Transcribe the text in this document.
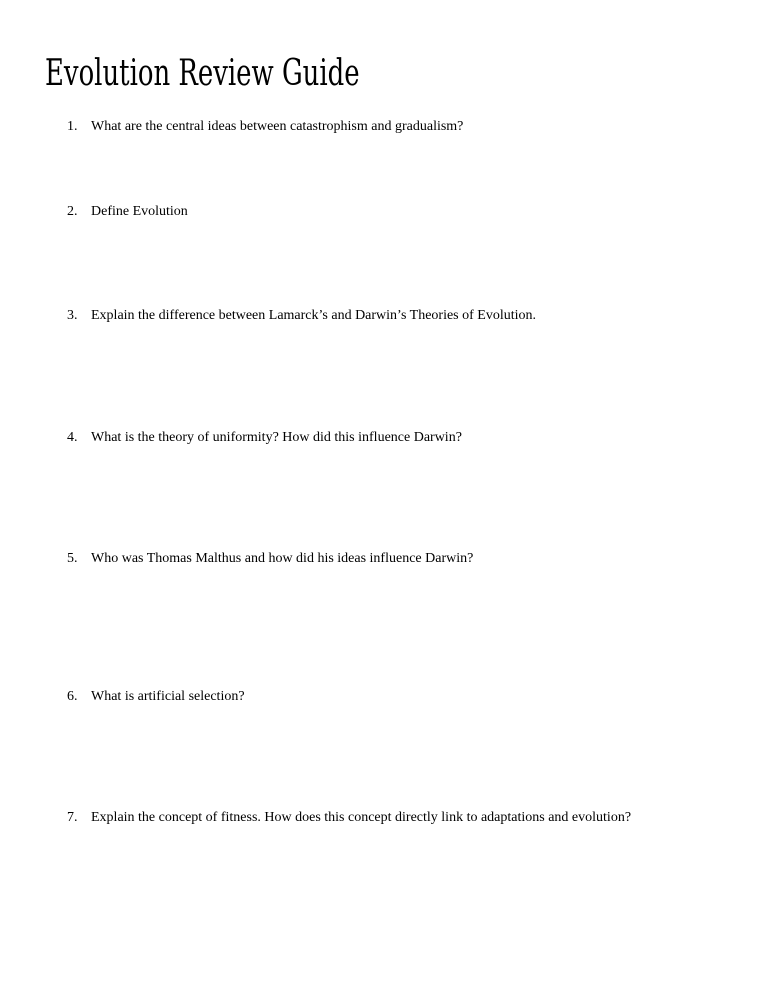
Evolution Review Guide
1. What are the central ideas between catastrophism and gradualism?
2. Define Evolution
3. Explain the difference between Lamarck’s and Darwin’s Theories of Evolution.
4. What is the theory of uniformity? How did this influence Darwin?
5. Who was Thomas Malthus and how did his ideas influence Darwin?
6. What is artificial selection?
7. Explain the concept of fitness. How does this concept directly link to adaptations and evolution?
